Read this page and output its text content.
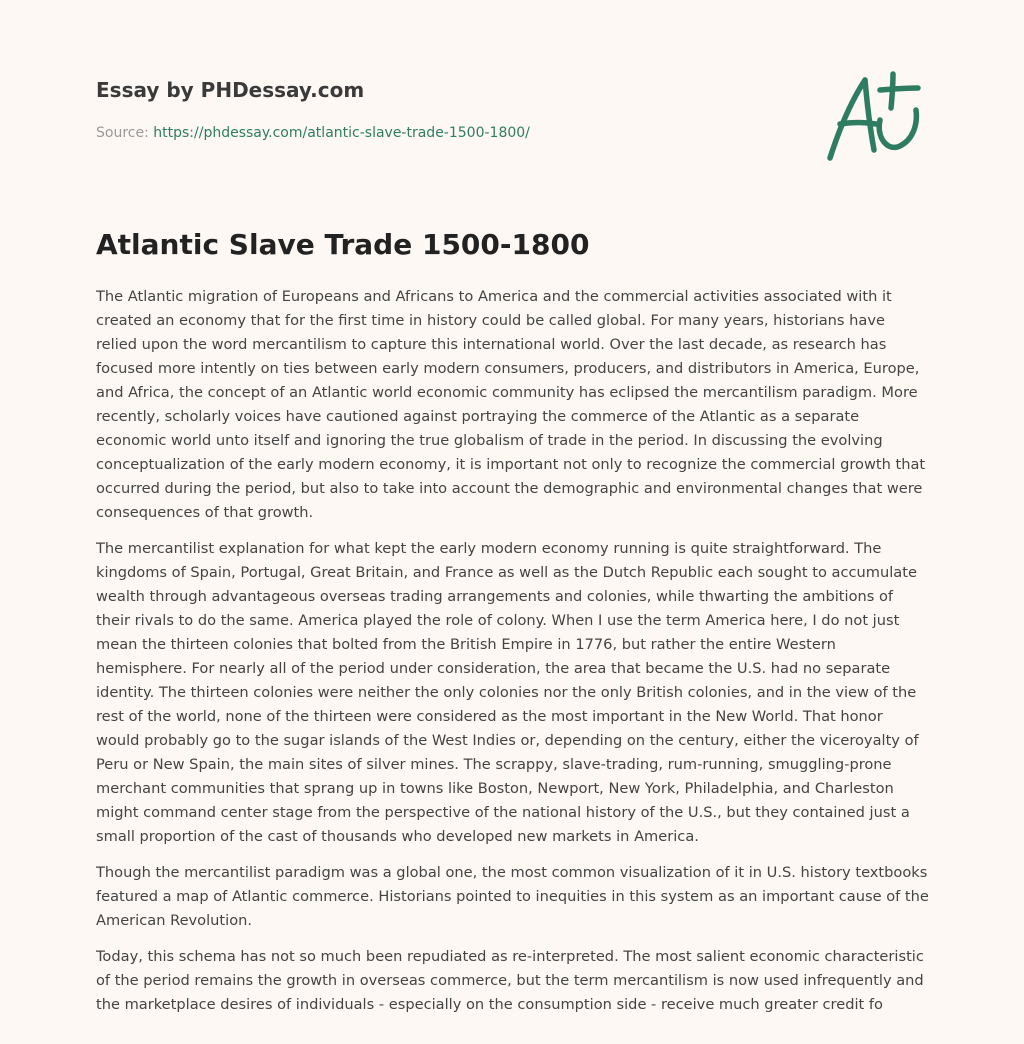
Essay by PHDessay.com
Source: https://phdessay.com/atlantic-slave-trade-1500-1800/
Atlantic Slave Trade 1500-1800

The Atlantic migration of Europeans and Africans to America and the commercial activities associated with it created an economy that for the first time in history could be called global. For many years, historians have relied upon the word mercantilism to capture this international world. Over the last decade, as research has focused more intently on ties between early modern consumers, producers, and distributors in America, Europe, and Africa, the concept of an Atlantic world economic community has eclipsed the mercantilism paradigm. More recently, scholarly voices have cautioned against portraying the commerce of the Atlantic as a separate economic world unto itself and ignoring the true globalism of trade in the period. In discussing the evolving conceptualization of the early modern economy, it is important not only to recognize the commercial growth that occurred during the period, but also to take into account the demographic and environmental changes that were consequences of that growth.

The mercantilist explanation for what kept the early modern economy running is quite straightforward. The kingdoms of Spain, Portugal, Great Britain, and France as well as the Dutch Republic each sought to accumulate wealth through advantageous overseas trading arrangements and colonies, while thwarting the ambitions of their rivals to do the same. America played the role of colony. When I use the term America here, I do not just mean the thirteen colonies that bolted from the British Empire in 1776, but rather the entire Western hemisphere. For nearly all of the period under consideration, the area that became the U.S. had no separate identity. The thirteen colonies were neither the only colonies nor the only British colonies, and in the view of the rest of the world, none of the thirteen were considered as the most important in the New World. That honor would probably go to the sugar islands of the West Indies or, depending on the century, either the viceroyalty of Peru or New Spain, the main sites of silver mines. The scrappy, slave-trading, rum-running, smuggling-prone merchant communities that sprang up in towns like Boston, Newport, New York, Philadelphia, and Charleston might command center stage from the perspective of the national history of the U.S., but they contained just a small proportion of the cast of thousands who developed new markets in America.

Though the mercantilist paradigm was a global one, the most common visualization of it in U.S. history textbooks featured a map of Atlantic commerce. Historians pointed to inequities in this system as an important cause of the American Revolution.

Today, this schema has not so much been repudiated as re-interpreted. The most salient economic characteristic of the period remains the growth in overseas commerce, but the term mercantilism is now used infrequently and the marketplace desires of individuals - especially on the consumption side - receive much greater credit fo
